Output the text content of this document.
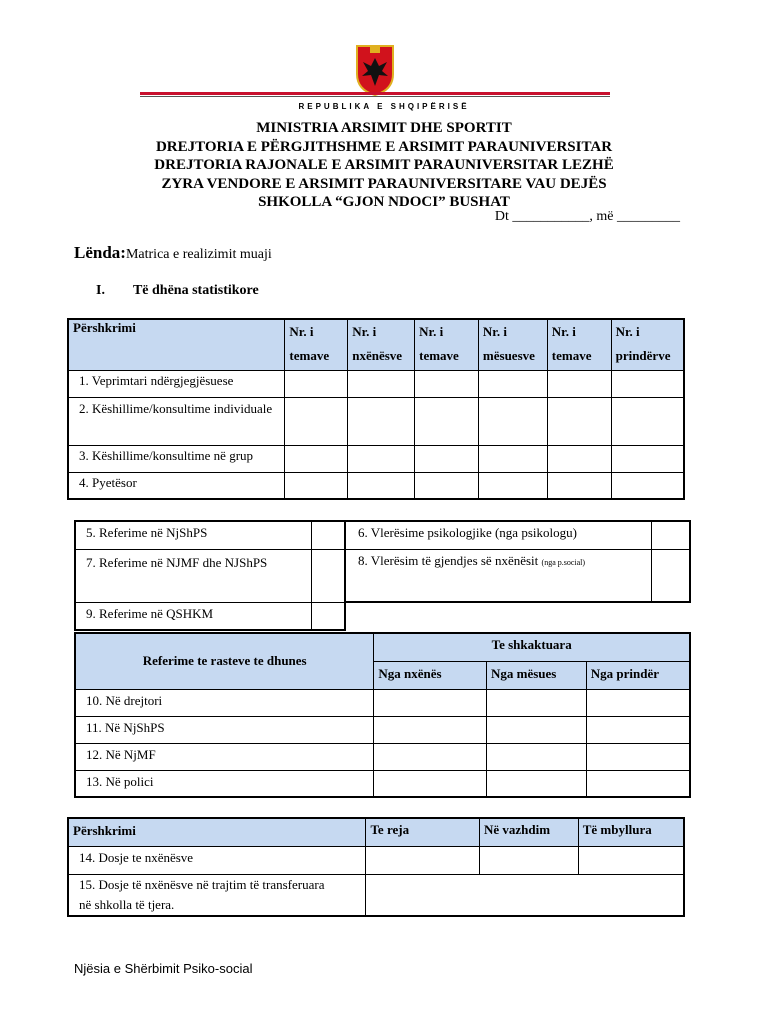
REPUBLIKA E SHQIPËRISË
MINISTRIA ARSIMIT DHE SPORTIT
DREJTORIA E PËRGJITHSHME E ARSIMIT PARAUNIVERSITAR
DREJTORIA RAJONALE E ARSIMIT PARAUNIVERSITAR LEZHË
ZYRA VENDORE E ARSIMIT PARAUNIVERSITARE VAU DEJËS
SHKOLLA “GJON NDOCI” BUSHAT
Dt ___________, më _________
Lënda:Matrica e realizimit muaji
I. Të dhëna statistikore
Përshkrimi	Nr. i temave	Nr. i nxënësve	Nr. i temave	Nr. i mësuesve	Nr. i temave	Nr. i prindërve
1. Veprimtari ndërgjegjësuese						
2. Këshillime/konsultime individuale						
3. Këshillime/konsultime në grup						
4. Pyetësor						
5. Referime në NjShPS	
7. Referime në NJMF dhe NJShPS	
9. Referime në QSHKM	
6. Vlerësime psikologjike (nga psikologu)	
8. Vlerësim të gjendjes së nxënësit (nga p.social)	
Referime te rasteve te dhunes	Te shkaktuara		
	Nga nxënës	Nga mësues	Nga prindër
10. Në drejtori			
11. Në NjShPS			
12. Në NjMF			
13. Në polici			
Përshkrimi	Te reja	Në vazhdim	Të mbyllura
14. Dosje te nxënësve			
15. Dosje të nxënësve në trajtim të transferuara në shkolla të tjera.			
Njësia e Shërbimit Psiko-social
